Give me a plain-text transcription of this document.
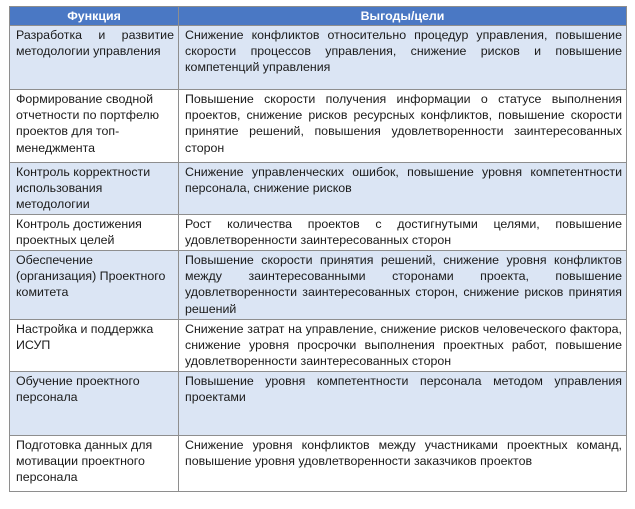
Функция	Выгоды/цели
Разработка и развитие методологии управления	Снижение конфликтов относительно процедур управления, повышение скорости процессов управления, снижение рисков и повышение компетенций управления
Формирование сводной отчетности по портфелю проектов для топ-менеджмента	Повышение скорости получения информации о статусе выполнения проектов, снижение рисков ресурсных конфликтов, повышение скорости принятие решений, повышения удовлетворенности заинтересованных сторон
Контроль корректности использования методологии	Снижение управленческих ошибок, повышение уровня компетентности персонала, снижение рисков
Контроль достижения проектных целей	Рост количества проектов с достигнутыми целями, повышение удовлетворенности заинтересованных сторон
Обеспечение (организация) Проектного комитета	Повышение скорости принятия решений, снижение уровня конфликтов между заинтересованными сторонами проекта, повышение удовлетворенности заинтересованных сторон, снижение рисков принятия решений
Настройка и поддержка ИСУП	Снижение затрат на управление, снижение рисков человеческого фактора, снижение уровня просрочки выполнения проектных работ, повышение удовлетворенности заинтересованных сторон
Обучение проектного персонала	Повышение уровня компетентности персонала методом управления проектами
Подготовка данных для мотивации проектного персонала	Снижение уровня конфликтов между участниками проектных команд, повышение уровня удовлетворенности заказчиков проектов
